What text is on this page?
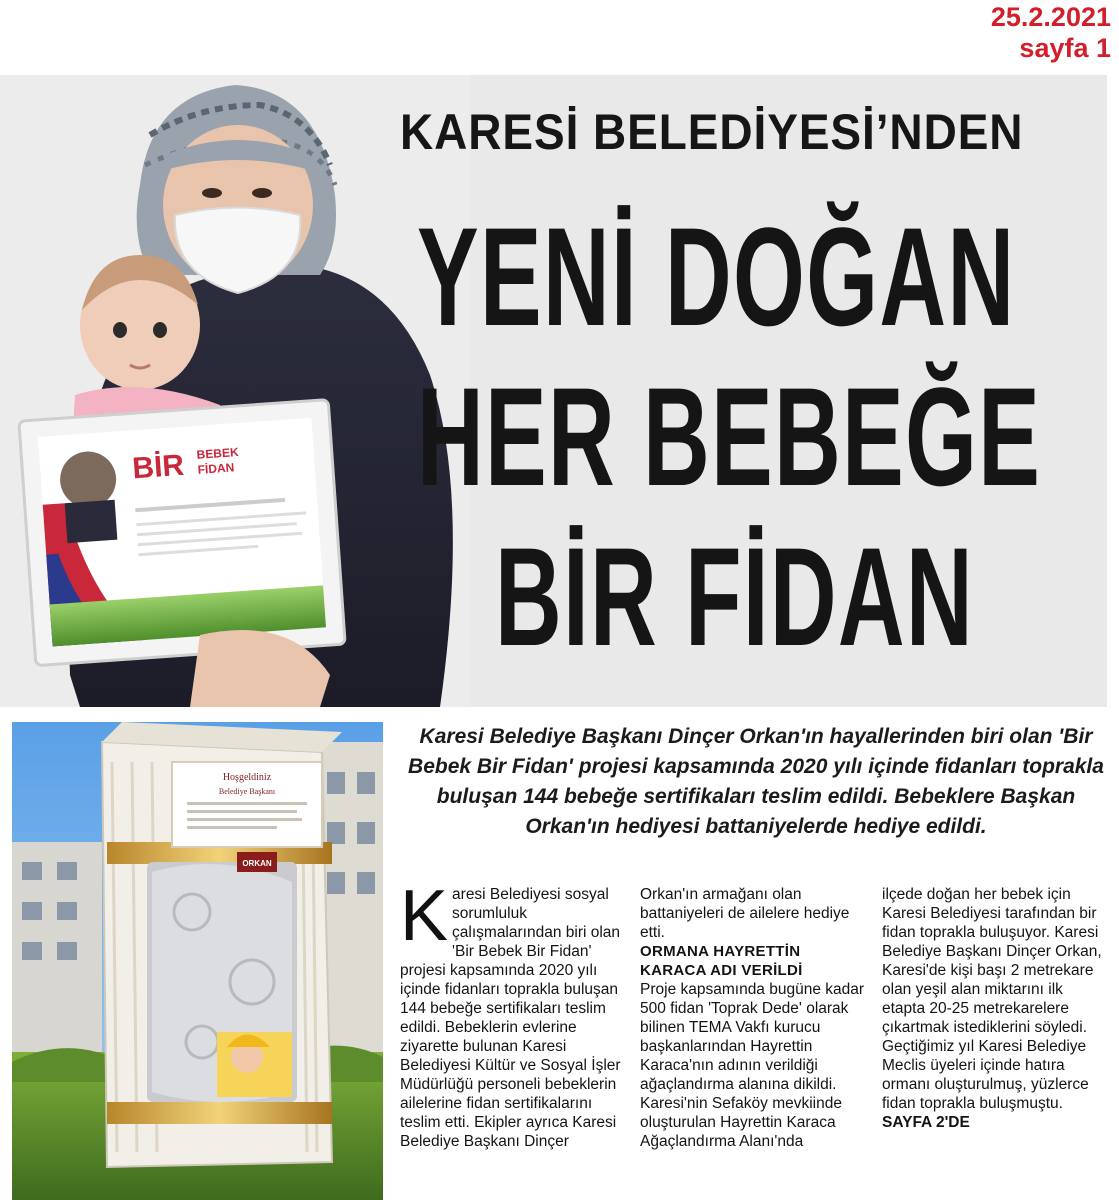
25.2.2021
sayfa 1
BİR BEBEK
FİDAN
KARESİ BELEDİYESİ’NDEN
YENİ DOĞAN
HER BEBEĞE
BİR FİDAN
Hoşgeldiniz
Belediye Başkanı
ORKAN
Karesi Belediye Başkanı Dinçer Orkan'ın hayallerinden biri olan 'Bir Bebek Bir Fidan' projesi kapsamında 2020 yılı içinde fidanları toprakla buluşan 144 bebeğe sertifikaları teslim edildi. Bebeklere Başkan Orkan'ın hediyesi battaniyelerde hediye edildi.

Karesi Belediyesi sosyal sorumluluk çalışmalarından biri olan 'Bir Bebek Bir Fidan' projesi kapsamında 2020 yılı içinde fidanları toprakla buluşan 144 bebeğe sertifikaları teslim edildi. Bebeklerin evlerine ziyarette bulunan Karesi Belediyesi Kültür ve Sosyal İşler Müdürlüğü personeli bebeklerin ailelerine fidan sertifikalarını teslim etti. Ekipler ayrıca Karesi Belediye Başkanı Dinçer

Orkan'ın armağanı olan battaniyeleri de ailelere hediye etti.

ORMANA HAYRETTİN KARACA ADI VERİLDİ

Proje kapsamında bugüne kadar 500 fidan 'Toprak Dede' olarak bilinen TEMA Vakfı kurucu başkanlarından Hayrettin Karaca'nın adının verildiği ağaçlandırma alanına dikildi. Karesi'nin Sefaköy mevkiinde oluşturulan Hayrettin Karaca Ağaçlandırma Alanı'nda

ilçede doğan her bebek için Karesi Belediyesi tarafından bir fidan toprakla buluşuyor. Karesi Belediye Başkanı Dinçer Orkan, Karesi'de kişi başı 2 metrekare olan yeşil alan miktarını ilk etapta 20-25 metrekarelere çıkartmak istediklerini söyledi. Geçtiğimiz yıl Karesi Belediye Meclis üyeleri içinde hatıra ormanı oluşturulmuş, yüzlerce fidan toprakla buluşmuştu.

SAYFA 2'DE
